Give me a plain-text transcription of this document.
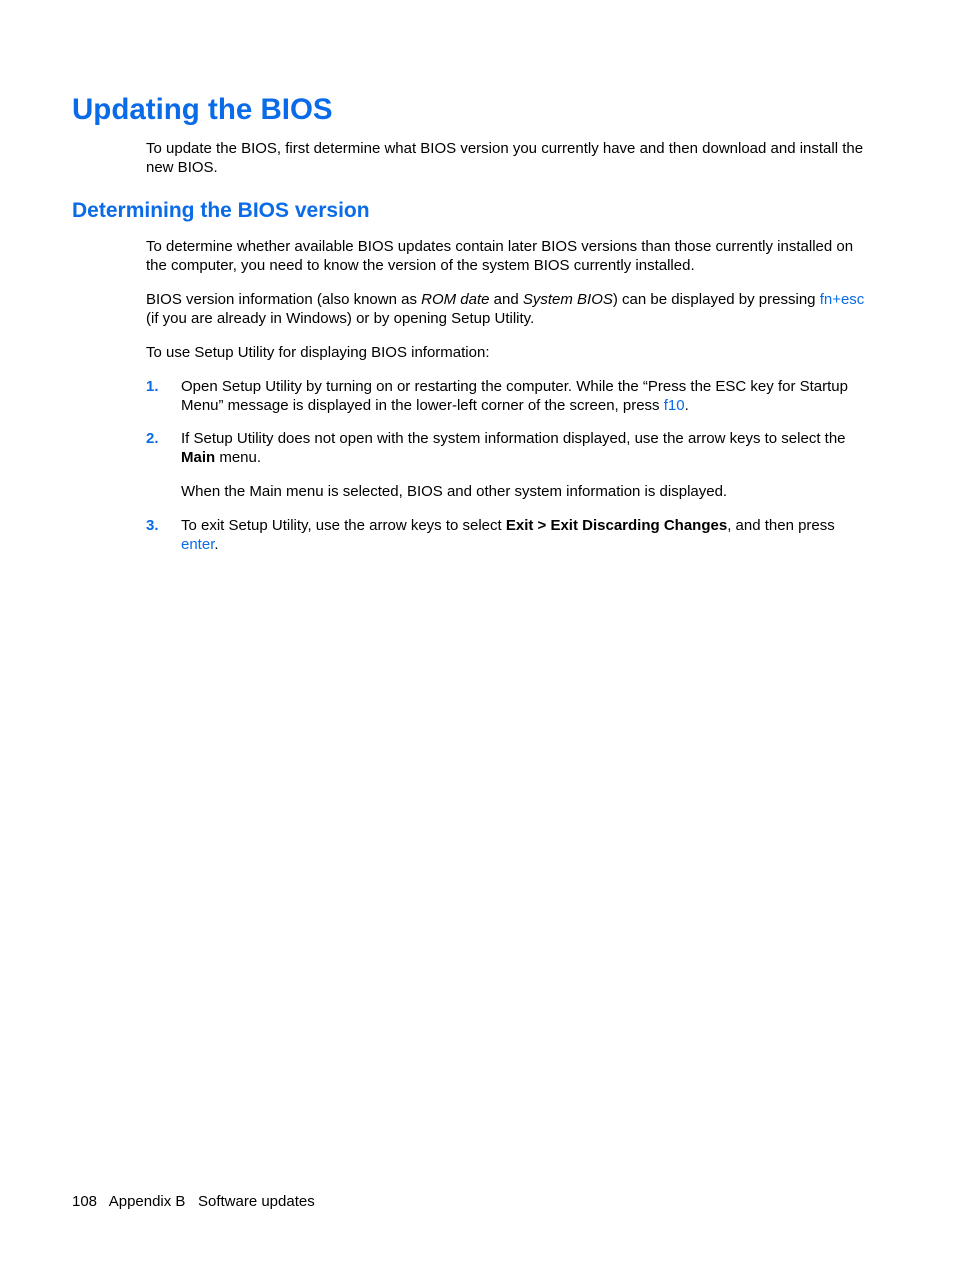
Updating the BIOS

To update the BIOS, first determine what BIOS version you currently have and then download and install the new BIOS.

Determining the BIOS version

To determine whether available BIOS updates contain later BIOS versions than those currently installed on the computer, you need to know the version of the system BIOS currently installed.

BIOS version information (also known as ROM date and System BIOS) can be displayed by pressing fn+esc (if you are already in Windows) or by opening Setup Utility.

To use Setup Utility for displaying BIOS information:

1. Open Setup Utility by turning on or restarting the computer. While the “Press the ESC key for Startup Menu” message is displayed in the lower-left corner of the screen, press f10.

2. If Setup Utility does not open with the system information displayed, use the arrow keys to select the Main menu.

When the Main menu is selected, BIOS and other system information is displayed.

3. To exit Setup Utility, use the arrow keys to select Exit > Exit Discarding Changes, and then press enter.

108 Appendix B Software updates
